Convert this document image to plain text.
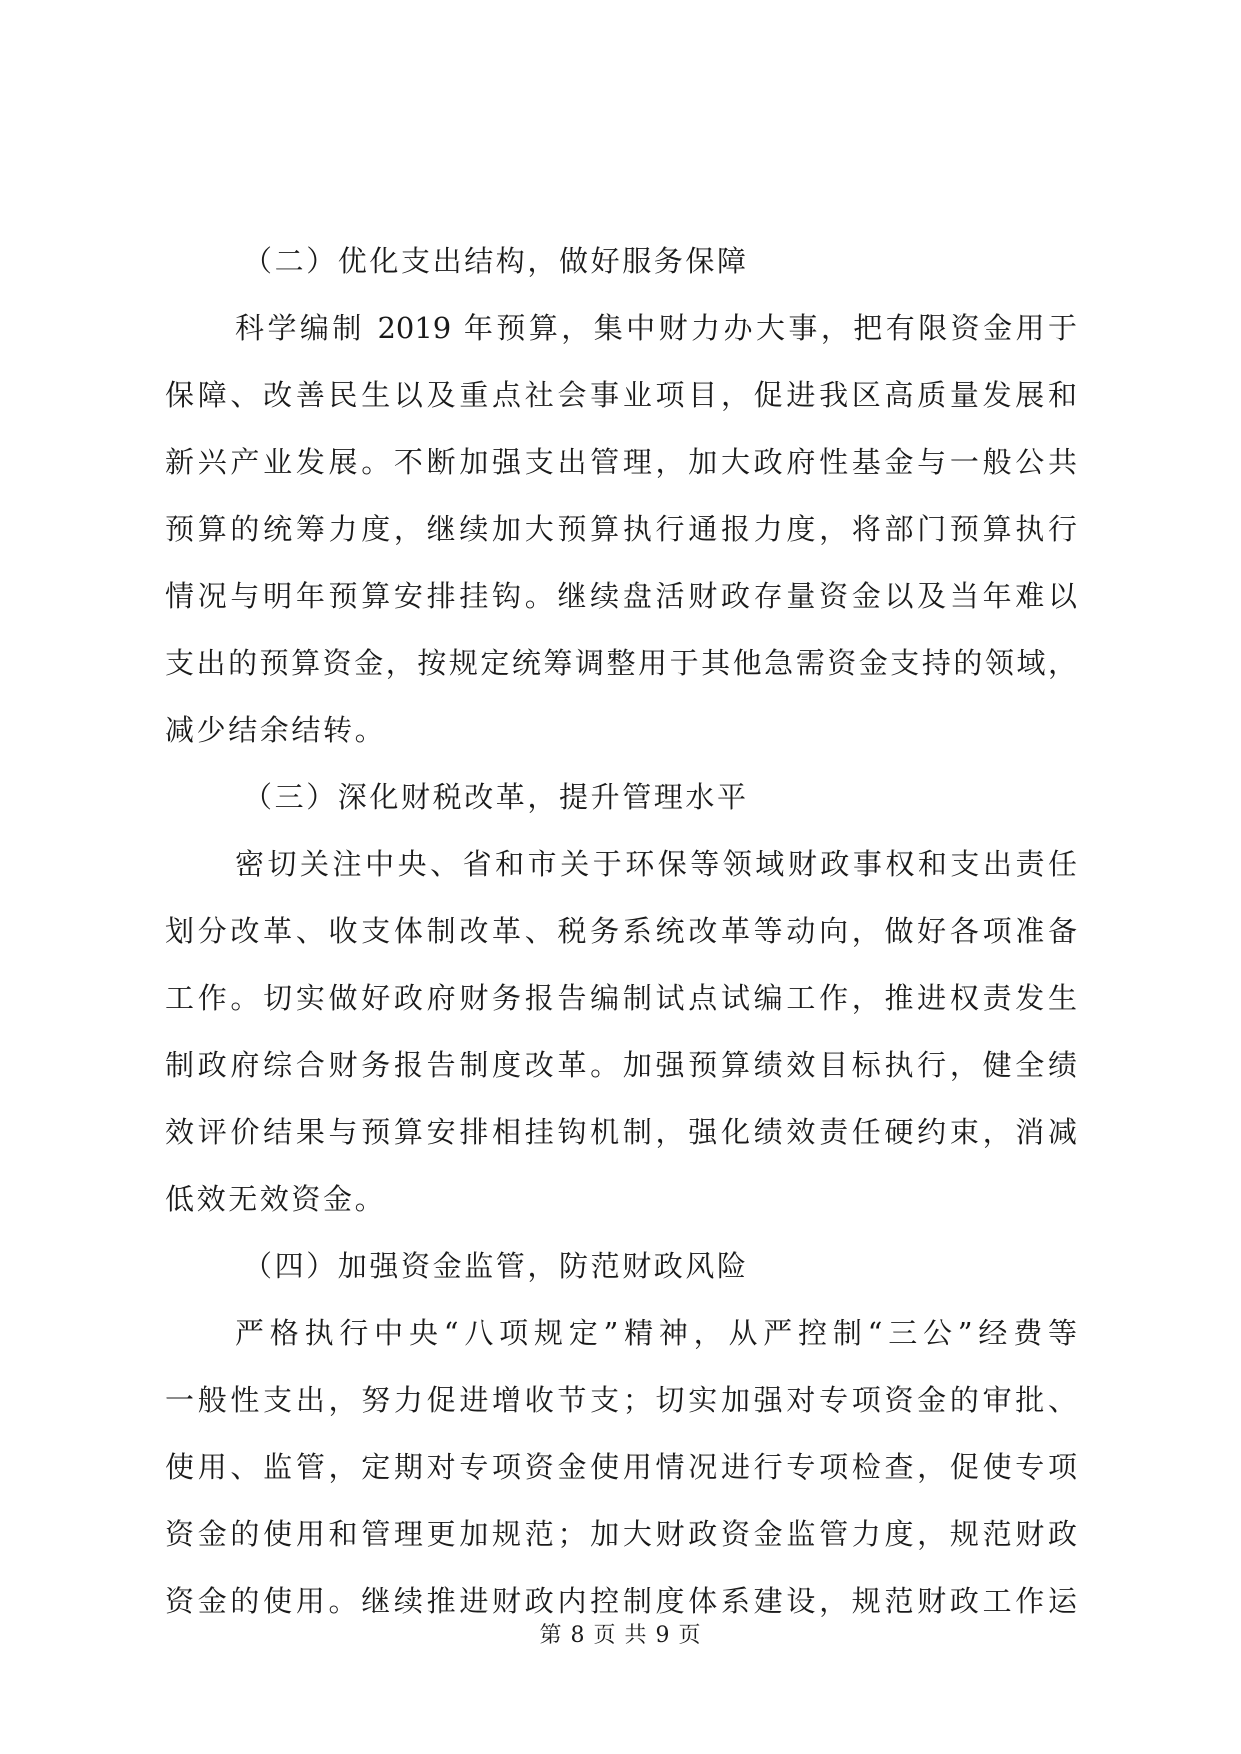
（二）优化支出结构，做好服务保障
科学编制 2019 年预算，集中财力办大事，把有限资金用于
保障、改善民生以及重点社会事业项目，促进我区高质量发展和
新兴产业发展。不断加强支出管理，加大政府性基金与一般公共
预算的统筹力度，继续加大预算执行通报力度，将部门预算执行
情况与明年预算安排挂钩。继续盘活财政存量资金以及当年难以
支出的预算资金，按规定统筹调整用于其他急需资金支持的领域，
减少结余结转。
（三）深化财税改革，提升管理水平
密切关注中央、省和市关于环保等领域财政事权和支出责任
划分改革、收支体制改革、税务系统改革等动向，做好各项准备
工作。切实做好政府财务报告编制试点试编工作，推进权责发生
制政府综合财务报告制度改革。加强预算绩效目标执行，健全绩
效评价结果与预算安排相挂钩机制，强化绩效责任硬约束，消减
低效无效资金。
（四）加强资金监管，防范财政风险
严格执行中央“八项规定”精神，从严控制“三公”经费等
一般性支出，努力促进增收节支；切实加强对专项资金的审批、
使用、监管，定期对专项资金使用情况进行专项检查，促使专项
资金的使用和管理更加规范；加大财政资金监管力度，规范财政
资金的使用。继续推进财政内控制度体系建设，规范财政工作运
第 8 页 共 9 页
